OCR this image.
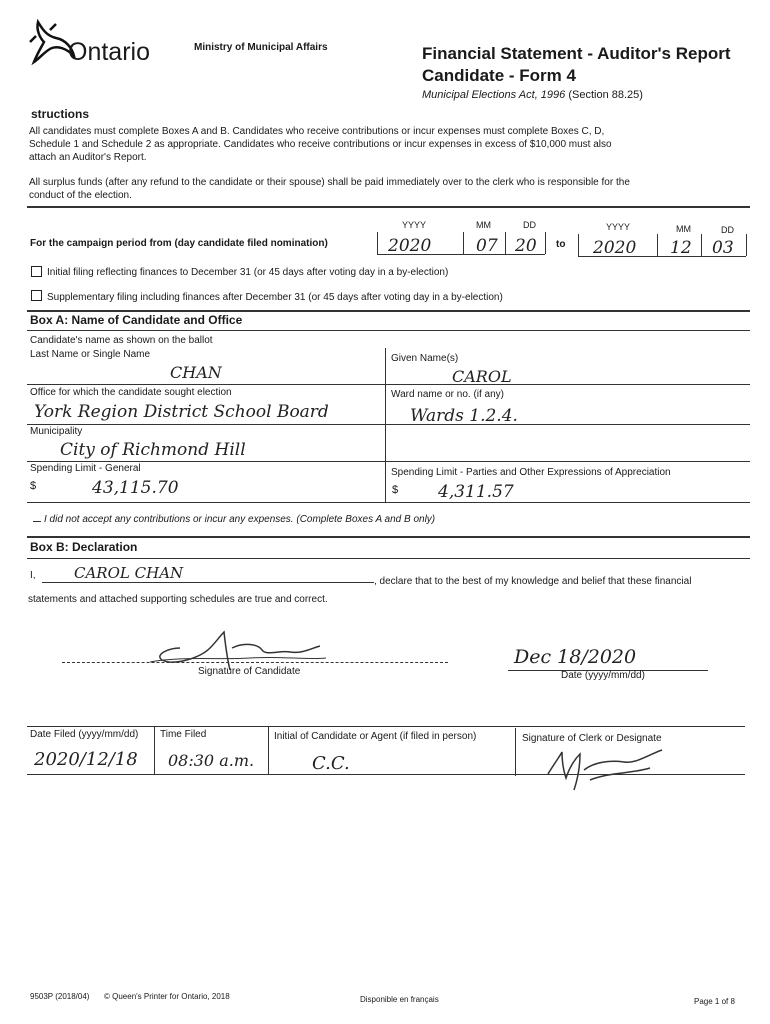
Ontario	Ministry of Municipal Affairs	Financial Statement - Auditor's Report
Candidate - Form 4
Municipal Elections Act, 1996 (Section 88.25)
structions
All candidates must complete Boxes A and B. Candidates who receive contributions or incur expenses must complete Boxes C, D,
Schedule 1 and Schedule 2 as appropriate. Candidates who receive contributions or incur expenses in excess of $10,000 must also
attach an Auditor's Report.
All surplus funds (after any refund to the candidate or their spouse) shall be paid immediately over to the clerk who is responsible for the
conduct of the election.
YYYY	MM	DD	YYYY	MM	DD
For the campaign period from (day candidate filed nomination)	2020	07 20 to 2020 12 03
Initial filing reflecting finances to December 31 (or 45 days after voting day in a by-election)
Supplementary filing including finances after December 31 (or 45 days after voting day in a by-election)
Box A: Name of Candidate and Office
Candidate's name as shown on the ballot
Last Name or Single Name	Given Name(s)
CHAN	CAROL
Office for which the candidate sought election	Ward name or no. (if any)
York Region District School Board	Wards 1.2.4.
Municipality
City of Richmond Hill
Spending Limit - General	Spending Limit - Parties and Other Expressions of Appreciation
$	43,115.70	$ 4,311.57
I did not accept any contributions or incur any expenses. (Complete Boxes A and B only)
Box B: Declaration
I,	CAROL CHAN	, declare that to the best of my knowledge and belief that these financial
statements and attached supporting schedules are true and correct.
Signature of Candidate
Dec 18/2020
Date (yyyy/mm/dd)
Date Filed (yyyy/mm/dd)
2020/12/18
Time Filed
08:30 a.m.
Initial of Candidate or Agent (if filed in person)
C.C.
Signature of Clerk or Designate
9503P (2018/04) © Queen's Printer for Ontario, 2018	Disponible en français	Page 1 of 8
